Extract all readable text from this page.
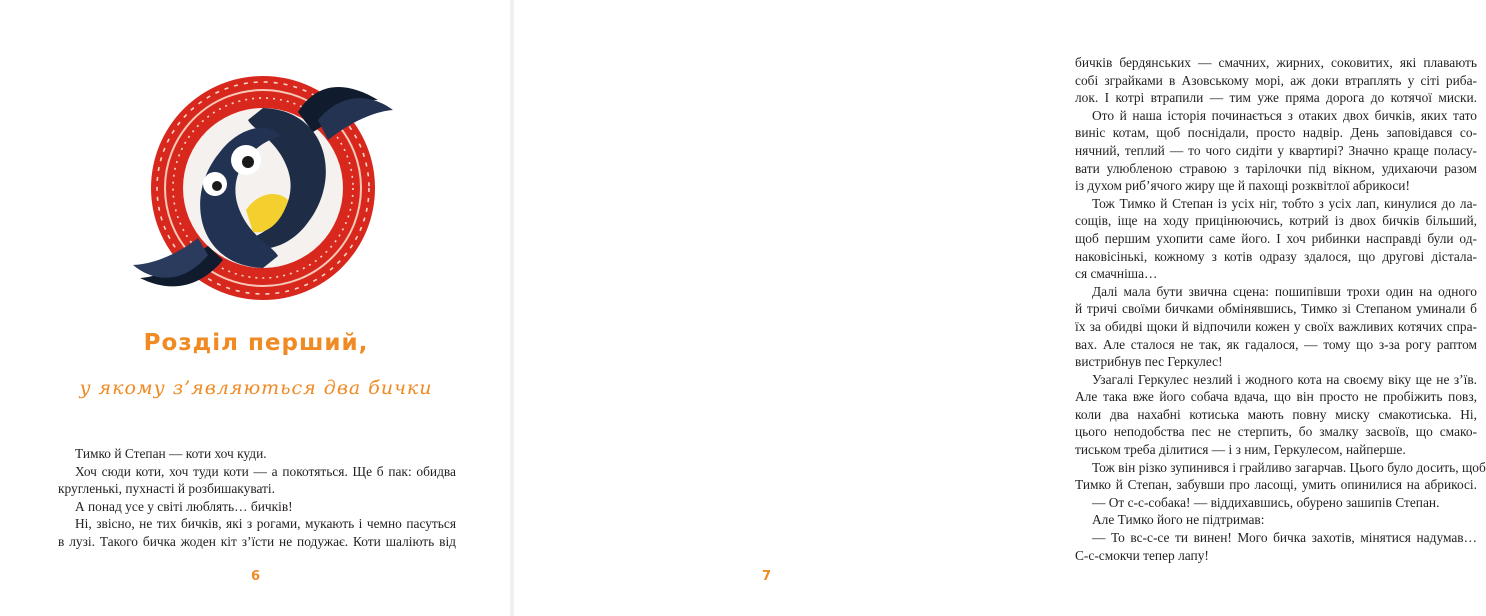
Розділ перший,
у якому з’являються два бички
Тимко й Степан — коти хоч куди.
Хоч сюди коти, хоч туди коти — а покотяться. Ще б пак: обидва
кругленькі, пухнасті й розбишакуваті.
А понад усе у світі люблять… бичків!
Ні, звісно, не тих бичків, які з рогами, мукають і чемно пасуться
в лузі. Такого бичка жоден кіт з’їсти не подужає. Коти шаліють від
6
бичків бердянських — смачних, жирних, соковитих, які плавають
собі зграйками в Азовському морі, аж доки втраплять у сіті рибa-
лок. І котрі втрапили — тим уже пряма дорога до котячої миски.
Ото й наша історія починається з отаких двох бичків, яких тато
виніс котам, щоб поснідали, просто надвір. День заповідався со-
нячний, теплий — то чого сидіти у квартирі? Значно краще поласу-
вати улюбленою стравою з тарілочки під вікном, удихаючи разом
із духом риб’ячого жиру ще й пахощі розквітлої абрикоси!
Тож Тимко й Степан із усіх ніг, тобто з усіх лап, кинулися до ла-
сощів, іще на ходу прицінюючись, котрий із двох бичків більший,
щоб першим ухопити саме його. І хоч рибинки насправді були од-
наковісінькі, кожному з котів одразу здалося, що другові дістала-
ся смачніша…
Далі мала бути звична сцена: пошипівши трохи один на одного
й тричі своїми бичками обмінявшись, Тимко зі Степаном уминали б
їх за обидві щоки й відпочили кожен у своїх важливих котячих спра-
вах. Але сталося не так, як гадалося, — тому що з-за рогу раптом
вистрибнув пес Геркулес!
Узагалі Геркулес незлий і жодного кота на своєму віку ще не з’їв.
Але така вже його собача вдача, що він просто не пробіжить повз,
коли два нахабні котиська мають повну миску смакотиська. Ні,
цього неподобства пес не стерпить, бо змалку засвоїв, що смако-
тиськом треба ділитися — і з ним, Геркулесом, найперше.
Тож він різко зупинився і грайливо загарчав. Цього було досить, щоб
Тимко й Степан, забувши про ласощі, умить опинилися на абрикосі.
— От с-с-собака! — віддихавшись, обурено зашипів Степан.
Але Тимко його не підтримав:
— То вс-с-се ти винен! Мого бичка захотів, мінятися надумав…
С-с-смокчи тепер лапу!
7
